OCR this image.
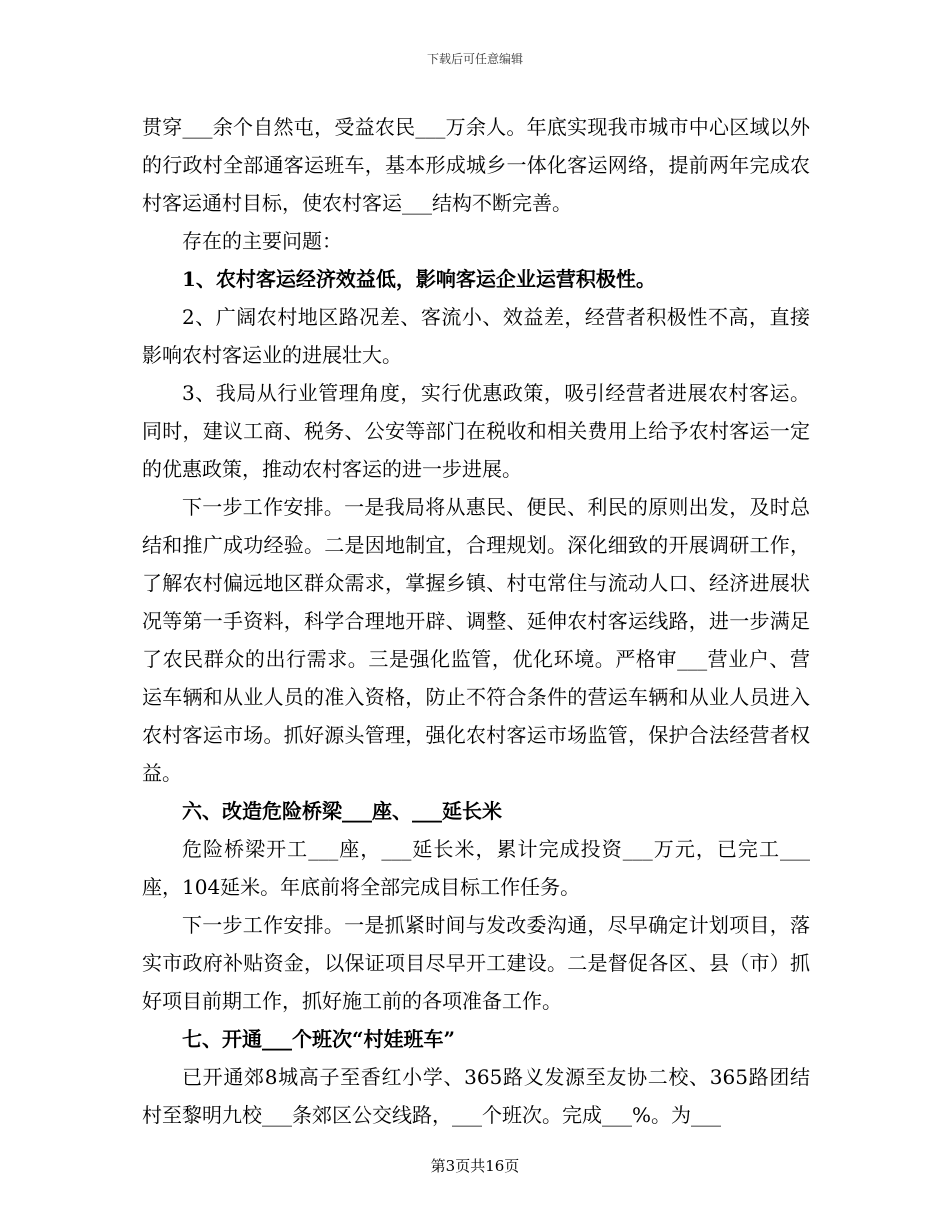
下载后可任意编辑

贯穿___余个自然屯，受益农民___万余人。年底实现我市城市中心区域以外的行政村全部通客运班车，基本形成城乡一体化客运网络，提前两年完成农村客运通村目标，使农村客运___结构不断完善。

存在的主要问题：

1、农村客运经济效益低，影响客运企业运营积极性。

2、广阔农村地区路况差、客流小、效益差，经营者积极性不高，直接影响农村客运业的进展壮大。

3、我局从行业管理角度，实行优惠政策，吸引经营者进展农村客运。同时，建议工商、税务、公安等部门在税收和相关费用上给予农村客运一定的优惠政策，推动农村客运的进一步进展。

下一步工作安排。一是我局将从惠民、便民、利民的原则出发，及时总结和推广成功经验。二是因地制宜，合理规划。深化细致的开展调研工作，了解农村偏远地区群众需求，掌握乡镇、村屯常住与流动人口、经济进展状况等第一手资料，科学合理地开辟、调整、延伸农村客运线路，进一步满足了农民群众的出行需求。三是强化监管，优化环境。严格审___营业户、营运车辆和从业人员的准入资格，防止不符合条件的营运车辆和从业人员进入农村客运市场。抓好源头管理，强化农村客运市场监管，保护合法经营者权益。

六、改造危险桥梁___座、___延长米

危险桥梁开工___座，___延长米，累计完成投资___万元，已完工___座，104延米。年底前将全部完成目标工作任务。

下一步工作安排。一是抓紧时间与发改委沟通，尽早确定计划项目，落实市政府补贴资金，以保证项目尽早开工建设。二是督促各区、县（市）抓好项目前期工作，抓好施工前的各项准备工作。

七、开通___个班次“村娃班车”

已开通郊8城高子至香红小学、365路义发源至友协二校、365路团结村至黎明九校___条郊区公交线路，___个班次。完成___%。为___

第3页共16页
